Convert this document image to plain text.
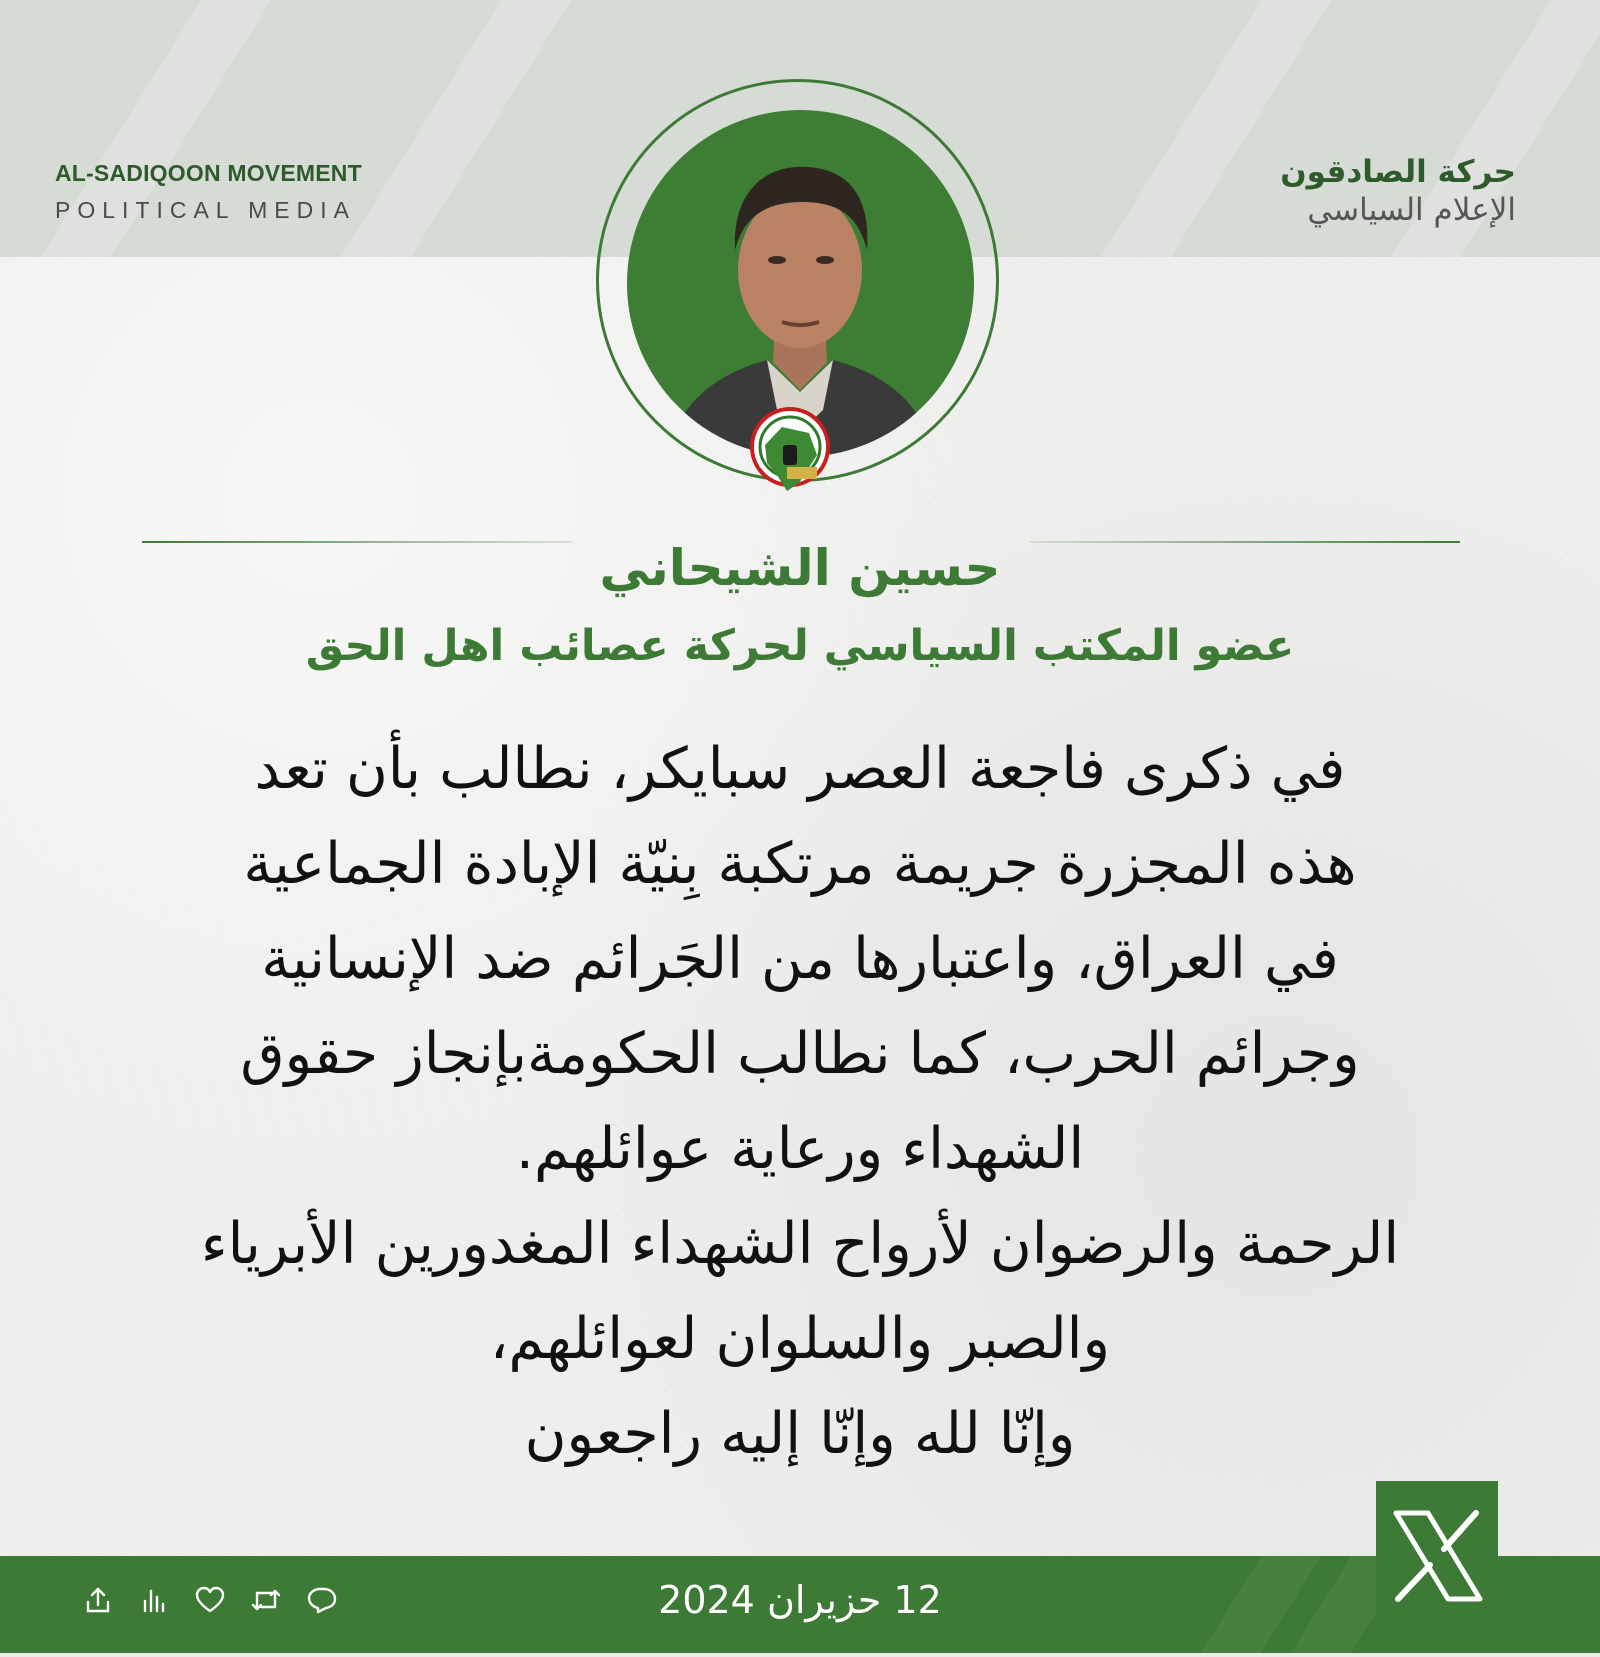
AL-SADIQOON MOVEMENT
POLITICAL MEDIA
حركة الصادقون
الإعلام السياسي
حسين الشيحاني
عضو المكتب السياسي لحركة عصائب اهل الحق
في ذكرى فاجعة العصر سبايكر، نطالب بأن تعد
هذه المجزرة جريمة مرتكبة بِنيّة الإبادة الجماعية
في العراق، واعتبارها من الجَرائم ضد الإنسانية
وجرائم الحرب، كما نطالب الحكومةبإنجاز حقوق
الشهداء ورعاية عوائلهم.
الرحمة والرضوان لأرواح الشهداء المغدورين الأبرياء
والصبر والسلوان لعوائلهم،
وإنّا لله وإنّا إليه راجعون
12 حزيران 2024
